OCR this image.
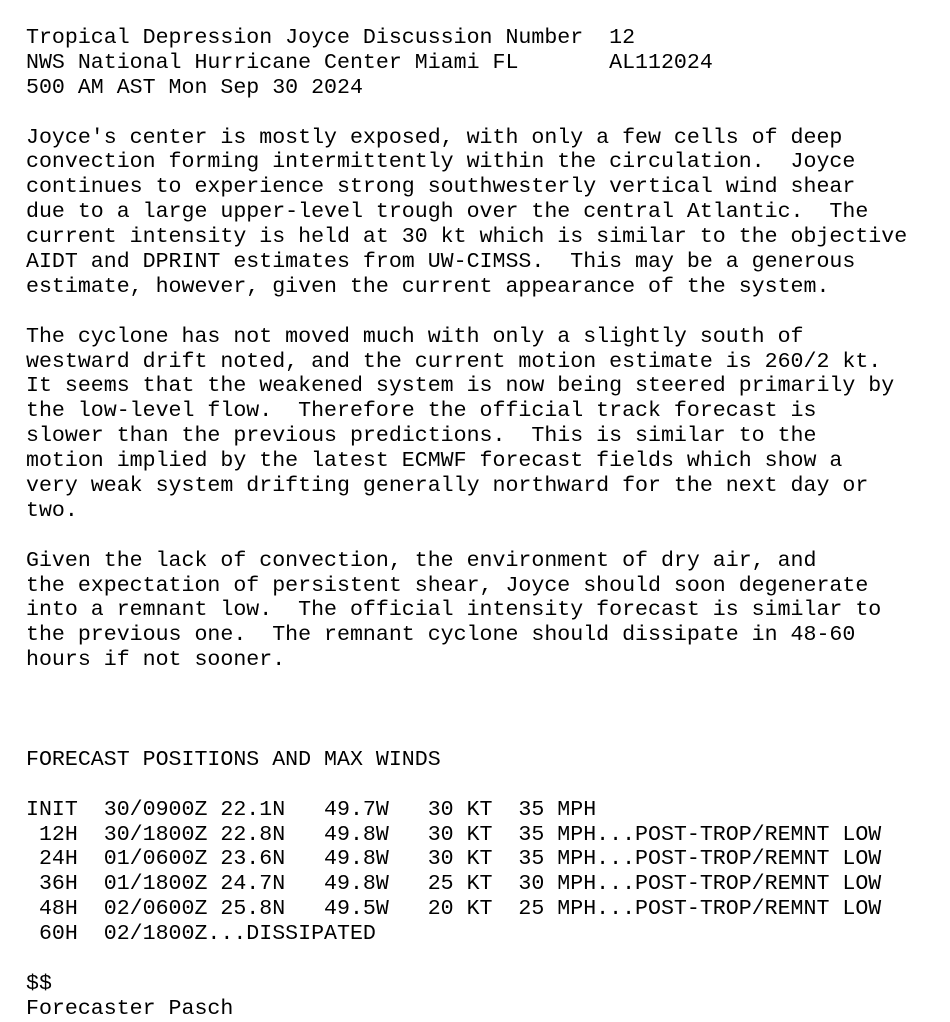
Tropical Depression Joyce Discussion Number  12
NWS National Hurricane Center Miami FL       AL112024
500 AM AST Mon Sep 30 2024

Joyce's center is mostly exposed, with only a few cells of deep
convection forming intermittently within the circulation.  Joyce
continues to experience strong southwesterly vertical wind shear
due to a large upper-level trough over the central Atlantic.  The
current intensity is held at 30 kt which is similar to the objective
AIDT and DPRINT estimates from UW-CIMSS.  This may be a generous
estimate, however, given the current appearance of the system.

The cyclone has not moved much with only a slightly south of
westward drift noted, and the current motion estimate is 260/2 kt.
It seems that the weakened system is now being steered primarily by
the low-level flow.  Therefore the official track forecast is
slower than the previous predictions.  This is similar to the
motion implied by the latest ECMWF forecast fields which show a
very weak system drifting generally northward for the next day or
two.

Given the lack of convection, the environment of dry air, and
the expectation of persistent shear, Joyce should soon degenerate
into a remnant low.  The official intensity forecast is similar to
the previous one.  The remnant cyclone should dissipate in 48-60
hours if not sooner.

FORECAST POSITIONS AND MAX WINDS

INIT  30/0900Z 22.1N   49.7W   30 KT  35 MPH
12H  30/1800Z 22.8N   49.8W   30 KT  35 MPH...POST-TROP/REMNT LOW
24H  01/0600Z 23.6N   49.8W   30 KT  35 MPH...POST-TROP/REMNT LOW
36H  01/1800Z 24.7N   49.8W   25 KT  30 MPH...POST-TROP/REMNT LOW
48H  02/0600Z 25.8N   49.5W   20 KT  25 MPH...POST-TROP/REMNT LOW
60H  02/1800Z...DISSIPATED

$$
Forecaster Pasch
